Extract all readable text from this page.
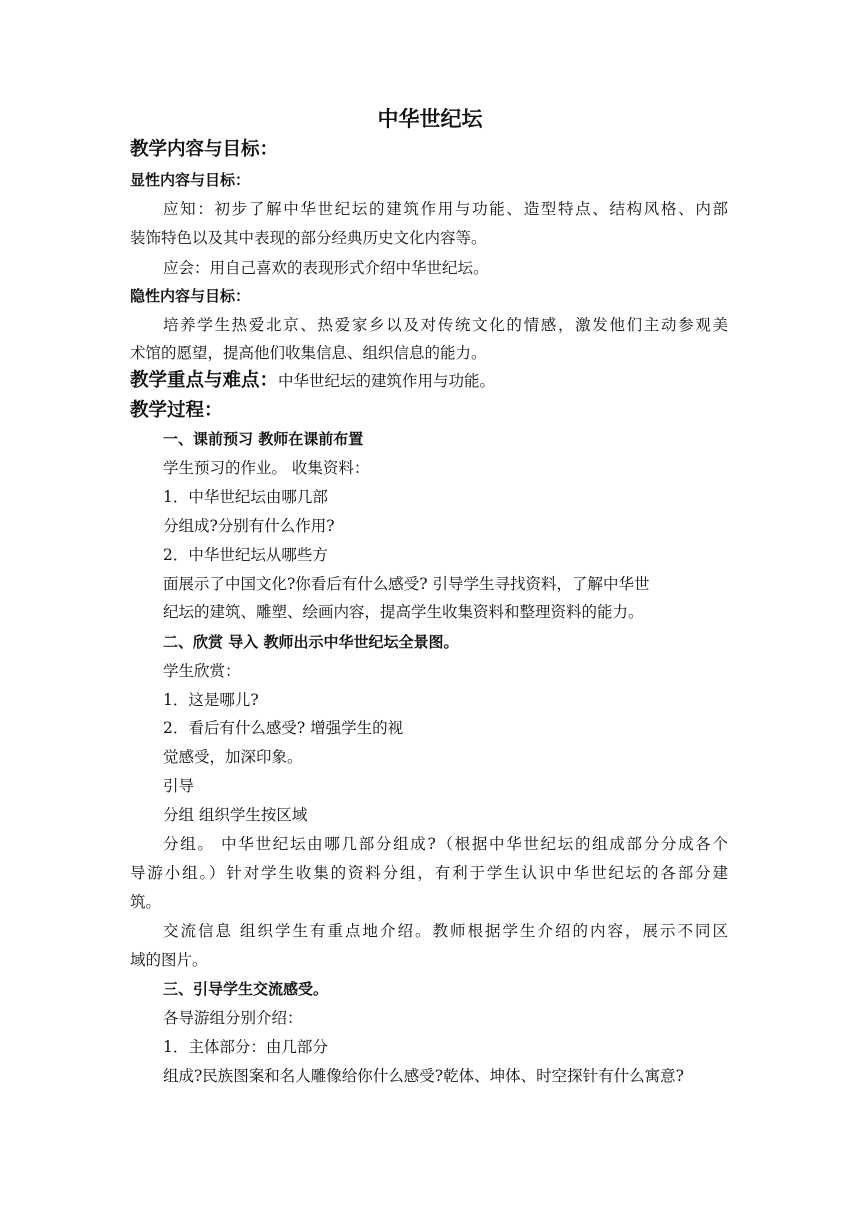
中华世纪坛
教学内容与目标：
显性内容与目标：
应知：初步了解中华世纪坛的建筑作用与功能、造型特点、结构风格、内部
装饰特色以及其中表现的部分经典历史文化内容等。
应会：用自己喜欢的表现形式介绍中华世纪坛。
隐性内容与目标：
培养学生热爱北京、热爱家乡以及对传统文化的情感，激发他们主动参观美
术馆的愿望，提高他们收集信息、组织信息的能力。
教学重点与难点：中华世纪坛的建筑作用与功能。
教学过程：
一、课前预习 教师在课前布置
学生预习的作业。 收集资料：
1．中华世纪坛由哪几部
分组成?分别有什么作用?
2．中华世纪坛从哪些方
面展示了中国文化?你看后有什么感受? 引导学生寻找资料，了解中华世
纪坛的建筑、雕塑、绘画内容，提高学生收集资料和整理资料的能力。
二、欣赏 导入 教师出示中华世纪坛全景图。
学生欣赏：
1．这是哪儿?
2．看后有什么感受? 增强学生的视
觉感受，加深印象。
引导
分组 组织学生按区域
分组。 中华世纪坛由哪几部分组成?（根据中华世纪坛的组成部分分成各个
导游小组。）针对学生收集的资料分组，有利于学生认识中华世纪坛的各部分建
筑。
交流信息 组织学生有重点地介绍。教师根据学生介绍的内容，展示不同区
域的图片。
三、引导学生交流感受。
各导游组分别介绍：
1．主体部分：由几部分
组成?民族图案和名人雕像给你什么感受?乾体、坤体、时空探针有什么寓意?
